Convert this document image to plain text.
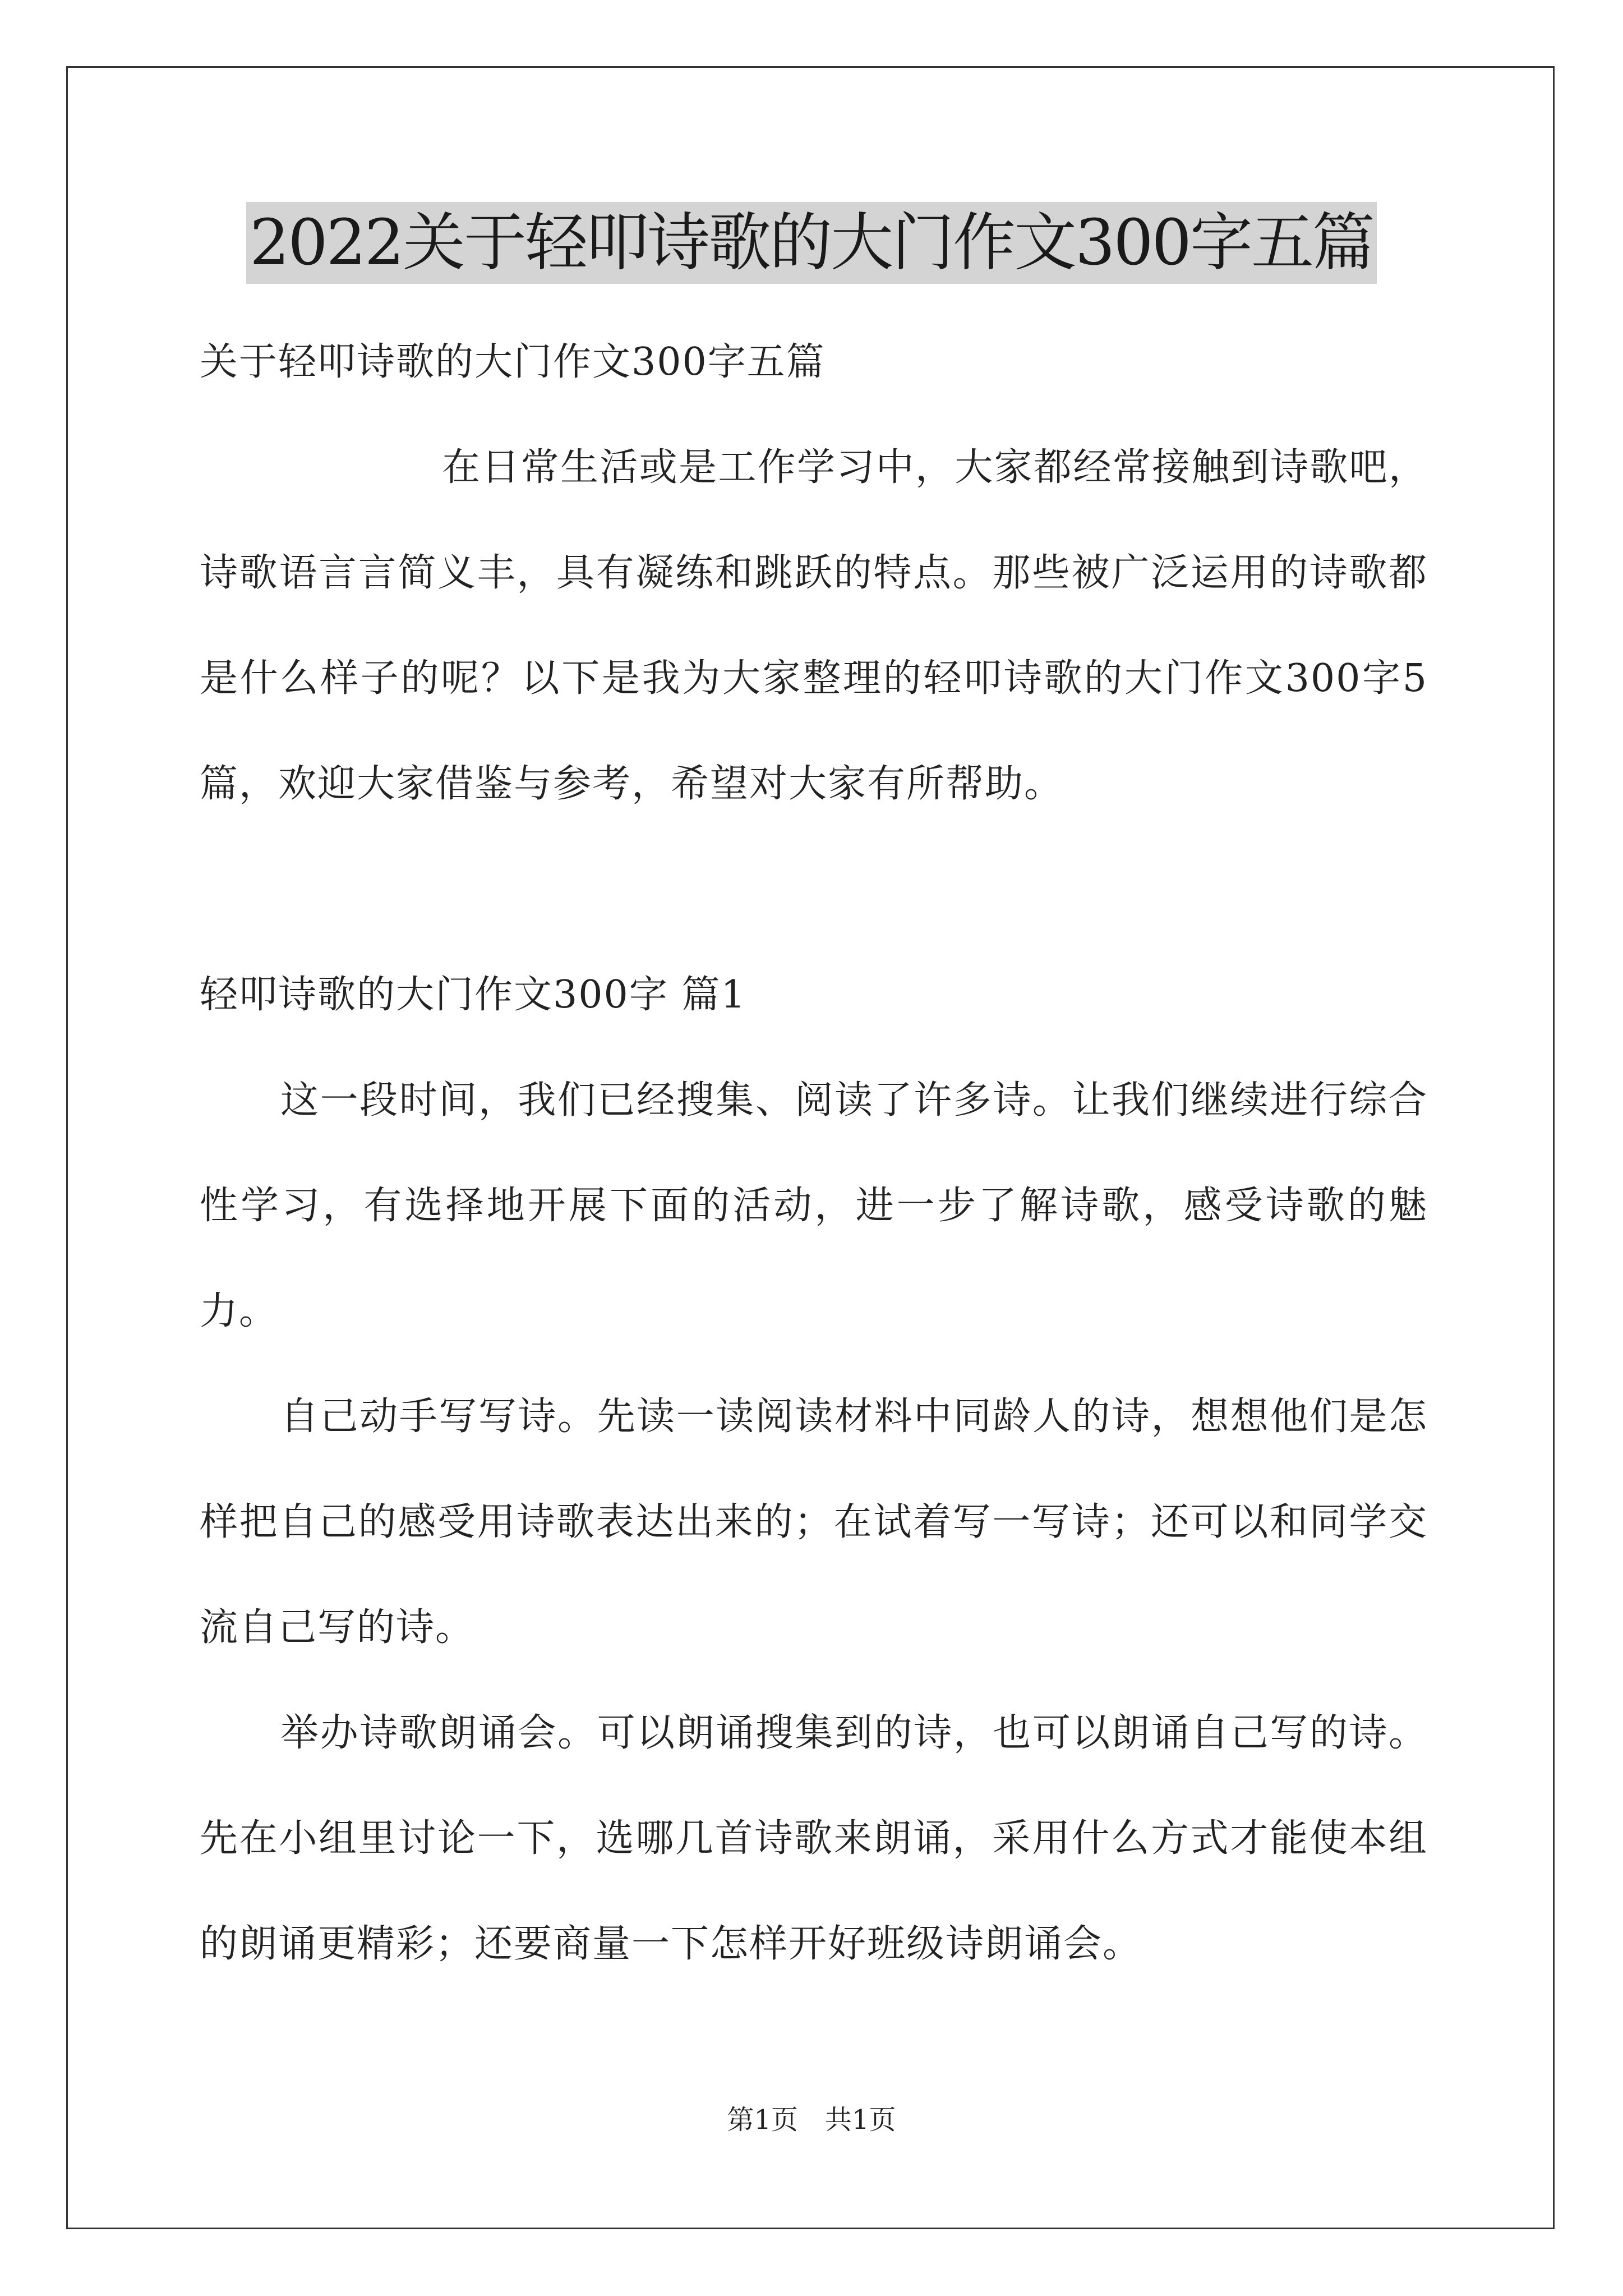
2022关于轻叩诗歌的大门作文300字五篇

关于轻叩诗歌的大门作文300字五篇

在日常生活或是工作学习中，大家都经常接触到诗歌吧，诗歌语言言简义丰，具有凝练和跳跃的特点。那些被广泛运用的诗歌都是什么样子的呢？以下是我为大家整理的轻叩诗歌的大门作文300字5篇，欢迎大家借鉴与参考，希望对大家有所帮助。

轻叩诗歌的大门作文300字 篇1

这一段时间，我们已经搜集、阅读了许多诗。让我们继续进行综合性学习，有选择地开展下面的活动，进一步了解诗歌，感受诗歌的魅力。

自己动手写写诗。先读一读阅读材料中同龄人的诗，想想他们是怎样把自己的感受用诗歌表达出来的；在试着写一写诗；还可以和同学交流自己写的诗。

举办诗歌朗诵会。可以朗诵搜集到的诗，也可以朗诵自己写的诗。先在小组里讨论一下，选哪几首诗歌来朗诵，采用什么方式才能使本组的朗诵更精彩；还要商量一下怎样开好班级诗朗诵会。

第1页　共1页
